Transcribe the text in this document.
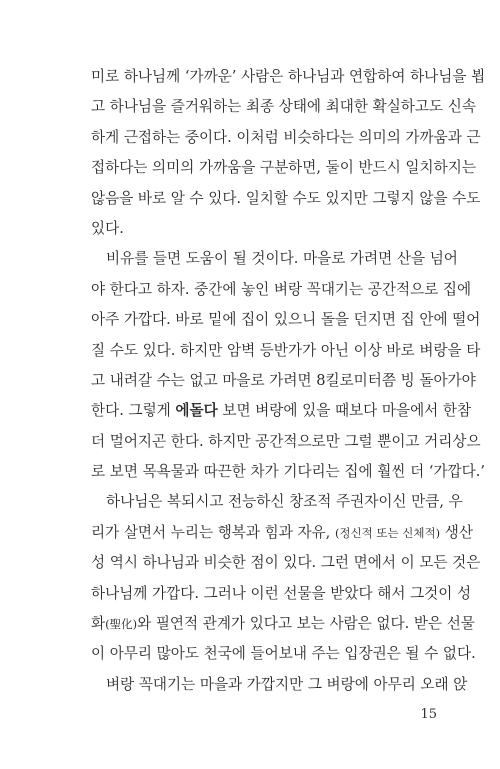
미로 하나님께 ‘가까운’ 사람은 하나님과 연합하여 하나님을 뵙
고 하나님을 즐거워하는 최종 상태에 최대한 확실하고도 신속
하게 근접하는 중이다. 이처럼 비슷하다는 의미의 가까움과 근
접하다는 의미의 가까움을 구분하면, 둘이 반드시 일치하지는
않음을 바로 알 수 있다. 일치할 수도 있지만 그렇지 않을 수도
있다.
비유를 들면 도움이 될 것이다. 마을로 가려면 산을 넘어
야 한다고 하자. 중간에 놓인 벼랑 꼭대기는 공간적으로 집에
아주 가깝다. 바로 밑에 집이 있으니 돌을 던지면 집 안에 떨어
질 수도 있다. 하지만 암벽 등반가가 아닌 이상 바로 벼랑을 타
고 내려갈 수는 없고 마을로 가려면 8킬로미터쯤 빙 돌아가야
한다. 그렇게 에돌다 보면 벼랑에 있을 때보다 마을에서 한참
더 멀어지곤 한다. 하지만 공간적으로만 그럴 뿐이고 거리상으
로 보면 목욕물과 따끈한 차가 기다리는 집에 훨씬 더 ‘가깝다.’
하나님은 복되시고 전능하신 창조적 주권자이신 만큼, 우
리가 살면서 누리는 행복과 힘과 자유, (정신적 또는 신체적) 생산
성 역시 하나님과 비슷한 점이 있다. 그런 면에서 이 모든 것은
하나님께 가깝다. 그러나 이런 선물을 받았다 해서 그것이 성
화(聖化)와 필연적 관계가 있다고 보는 사람은 없다. 받은 선물
이 아무리 많아도 천국에 들어보내 주는 입장권은 될 수 없다.
벼랑 꼭대기는 마을과 가깝지만 그 벼랑에 아무리 오래 앉
15
